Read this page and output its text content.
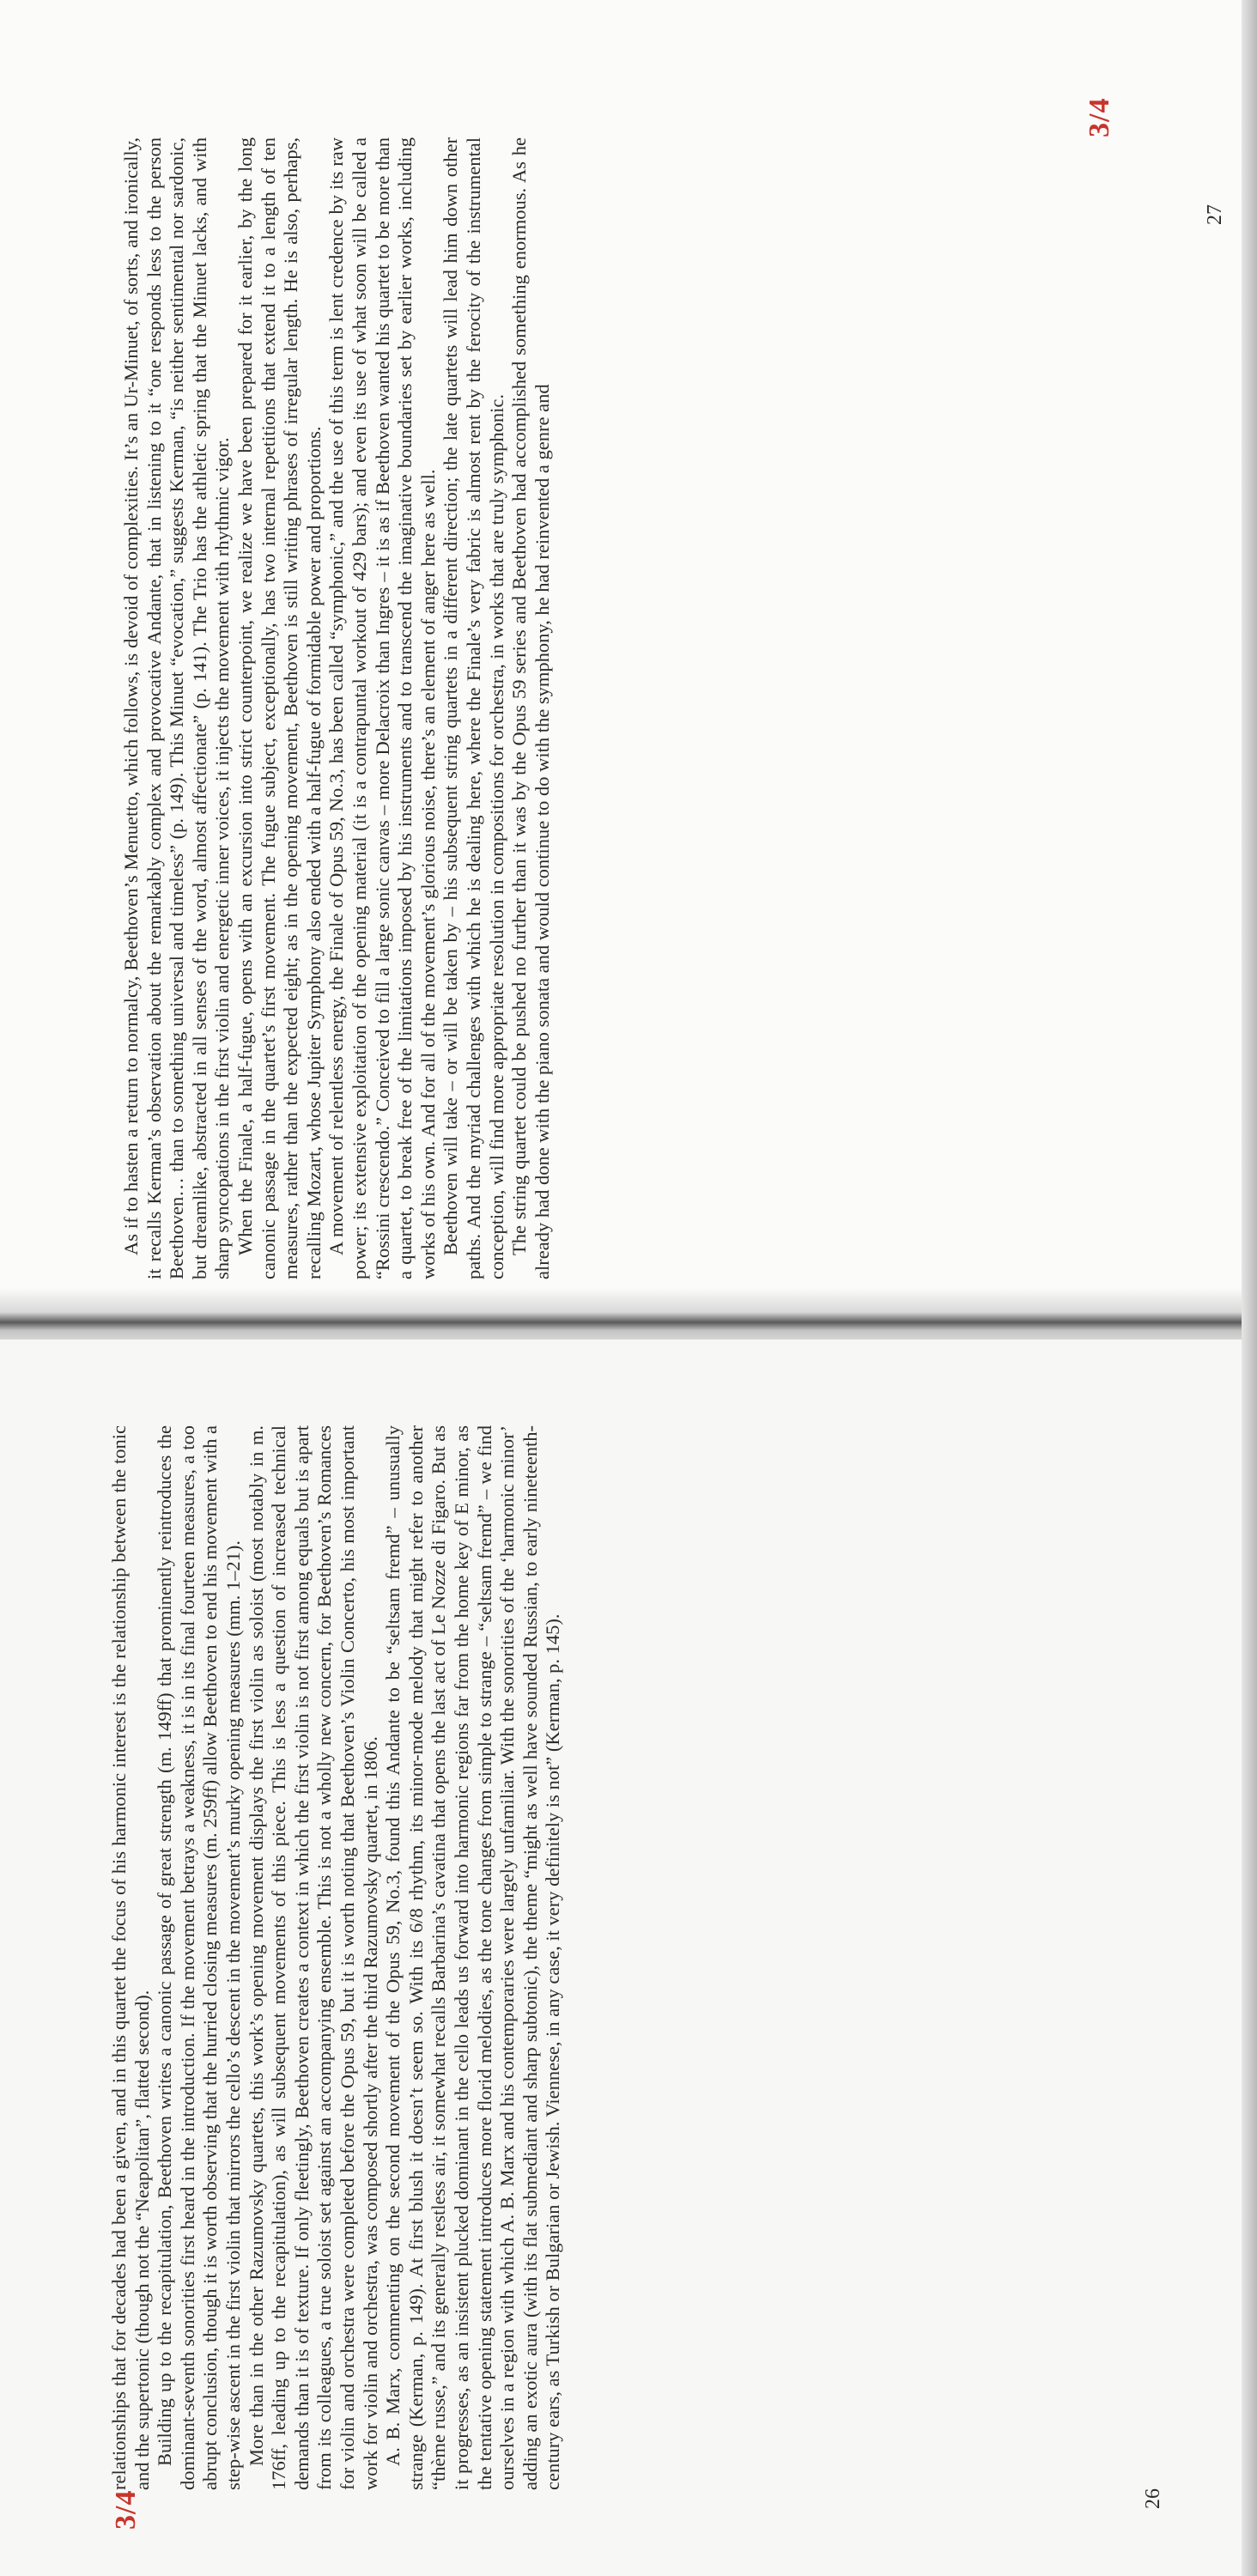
As if to hasten a return to normalcy, Beethoven’s Menuetto, which follows, is devoid of complexities. It’s an Ur-Minuet, of sorts, and ironically, it recalls Kerman’s observation about the remarkably complex and provocative Andante, that in listening to it “one responds less to the person Beethoven… than to something universal and timeless” (p. 149). This Minuet “evocation,” suggests Kerman, “is neither sentimental nor sardonic, but dreamlike, abstracted in all senses of the word, almost affectionate” (p. 141). The Trio has the athletic spring that the Minuet lacks, and with sharp syncopations in the first violin and energetic inner voices, it injects the movement with rhythmic vigor. When the Finale, a half-fugue, opens with an excursion into strict counterpoint, we realize we have been prepared for it earlier, by the long canonic passage in the quartet’s first movement. The fugue subject, exceptionally, has two internal repetitions that extend it to a length of ten measures, rather than the expected eight; as in the opening movement, Beethoven is still writing phrases of irregular length. He is also, perhaps, recalling Mozart, whose Jupiter Symphony also ended with a half-fugue of formidable power and proportions. A movement of relentless energy, the Finale of Opus 59, No.3, has been called “symphonic,” and the use of this term is lent credence by its raw power; its extensive exploitation of the opening material (it is a contrapuntal workout of 429 bars); and even its use of what soon will be called a “Rossini crescendo.” Conceived to fill a large sonic canvas – more Delacroix than Ingres – it is as if Beethoven wanted his quartet to be more than a quartet, to break free of the limitations imposed by his instruments and to transcend the imaginative boundaries set by earlier works, including works of his own. And for all of the movement’s glorious noise, there’s an element of anger here as well. Beethoven will take – or will be taken by – his subsequent string quartets in a different direction; the late quartets will lead him down other paths. And the myriad challenges with which he is dealing here, where the Finale’s very fabric is almost rent by the ferocity of the instrumental conception, will find more appropriate resolution in compositions for orchestra, in works that are truly symphonic. The string quartet could be pushed no further than it was by the Opus 59 series and Beethoven had accomplished something enormous. As he already had done with the piano sonata and would continue to do with the symphony, he had reinvented a genre and

3/4
27

relationships that for decades had been a given, and in this quartet the focus of his harmonic interest is the relationship between the tonic and the supertonic (though not the “Neapolitan”, flatted second). Building up to the recapitulation, Beethoven writes a canonic passage of great strength (m. 149ff) that prominently reintroduces the dominant-seventh sonorities first heard in the introduction. If the movement betrays a weakness, it is in its final fourteen measures, a too abrupt conclusion, though it is worth observing that the hurried closing measures (m. 259ff) allow Beethoven to end his movement with a step-wise ascent in the first violin that mirrors the cello’s descent in the movement’s murky opening measures (mm. 1–21). More than in the other Razumovsky quartets, this work’s opening movement displays the first violin as soloist (most notably in m. 176ff, leading up to the recapitulation), as will subsequent movements of this piece. This is less a question of increased technical demands than it is of texture. If only fleetingly, Beethoven creates a context in which the first violin is not first among equals but is apart from its colleagues, a true soloist set against an accompanying ensemble. This is not a wholly new concern, for Beethoven’s Romances for violin and orchestra were completed before the Opus 59, but it is worth noting that Beethoven’s Violin Concerto, his most important work for violin and orchestra, was composed shortly after the third Razumovsky quartet, in 1806. A. B. Marx, commenting on the second movement of the Opus 59, No.3, found this Andante to be “seltsam fremd” – unusually strange (Kerman, p. 149). At first blush it doesn’t seem so. With its 6/8 rhythm, its minor-mode melody that might refer to another “thème russe,” and its generally restless air, it somewhat recalls Barbarina’s cavatina that opens the last act of Le Nozze di Figaro. But as it progresses, as an insistent plucked dominant in the cello leads us forward into harmonic regions far from the home key of E minor, as the tentative opening statement introduces more florid melodies, as the tone changes from simple to strange – “seltsam fremd” – we find ourselves in a region with which A. B. Marx and his contemporaries were largely unfamiliar. With the sonorities of the ‘harmonic minor’ adding an exotic aura (with its flat submediant and sharp subtonic), the theme “might as well have sounded Russian, to early nineteenth-century ears, as Turkish or Bulgarian or Jewish. Viennese, in any case, it very definitely is not” (Kerman, p. 145).

3/4	26
